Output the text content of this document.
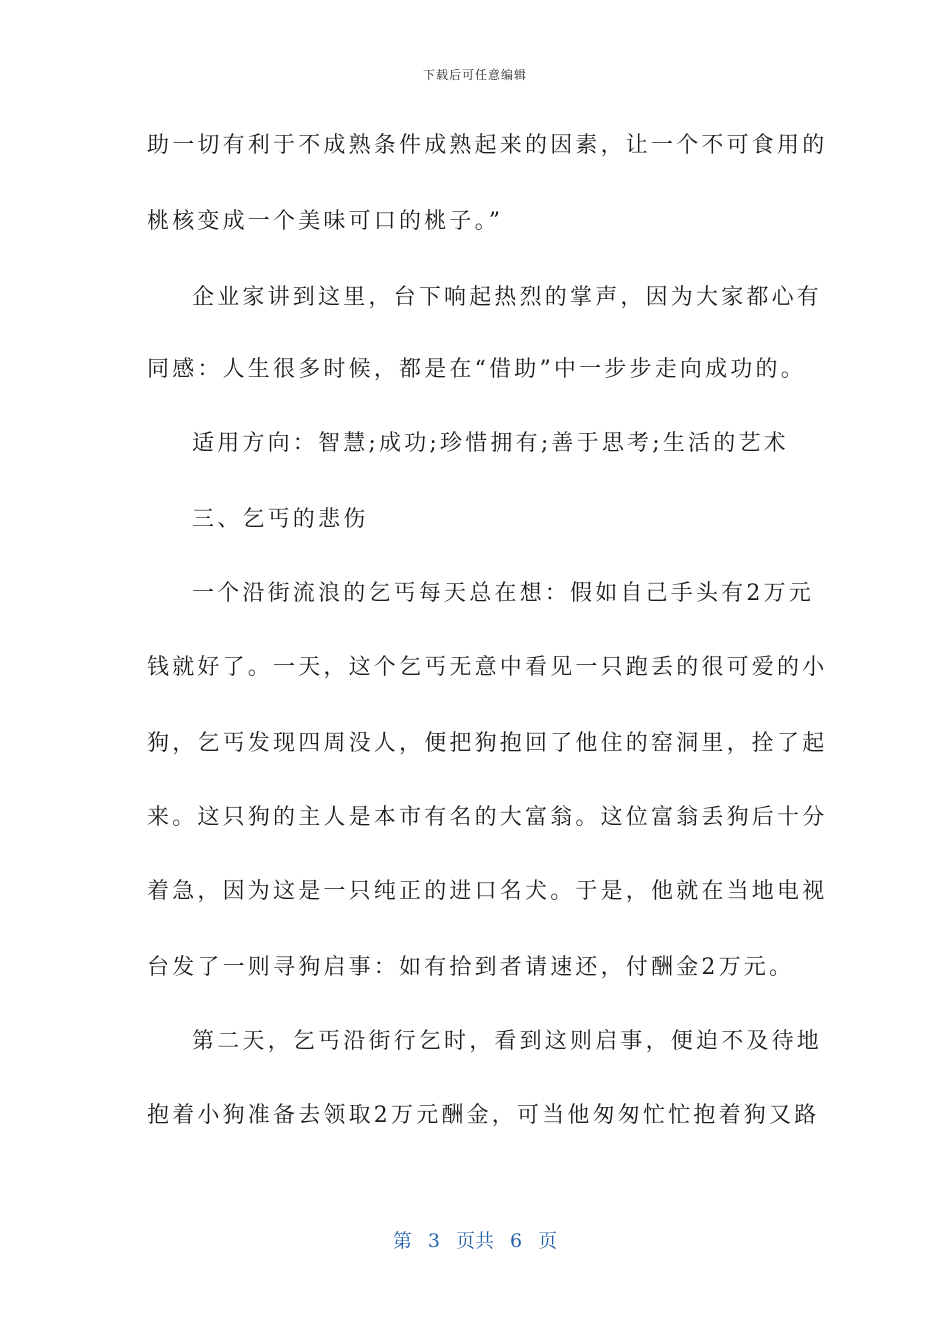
下载后可任意编辑
助一切有利于不成熟条件成熟起来的因素，让一个不可食用的
桃核变成一个美味可口的桃子。”
企业家讲到这里，台下响起热烈的掌声，因为大家都心有
同感：人生很多时候，都是在“借助”中一步步走向成功的。
适用方向：智慧;成功;珍惜拥有;善于思考;生活的艺术
三、乞丐的悲伤
一个沿街流浪的乞丐每天总在想：假如自己手头有2万元
钱就好了。一天，这个乞丐无意中看见一只跑丢的很可爱的小
狗，乞丐发现四周没人，便把狗抱回了他住的窑洞里，拴了起
来。这只狗的主人是本市有名的大富翁。这位富翁丢狗后十分
着急，因为这是一只纯正的进口名犬。于是，他就在当地电视
台发了一则寻狗启事：如有拾到者请速还，付酬金2万元。
第二天，乞丐沿街行乞时，看到这则启事，便迫不及待地
抱着小狗准备去领取2万元酬金，可当他匆匆忙忙抱着狗又路
第 3 页共 6 页
